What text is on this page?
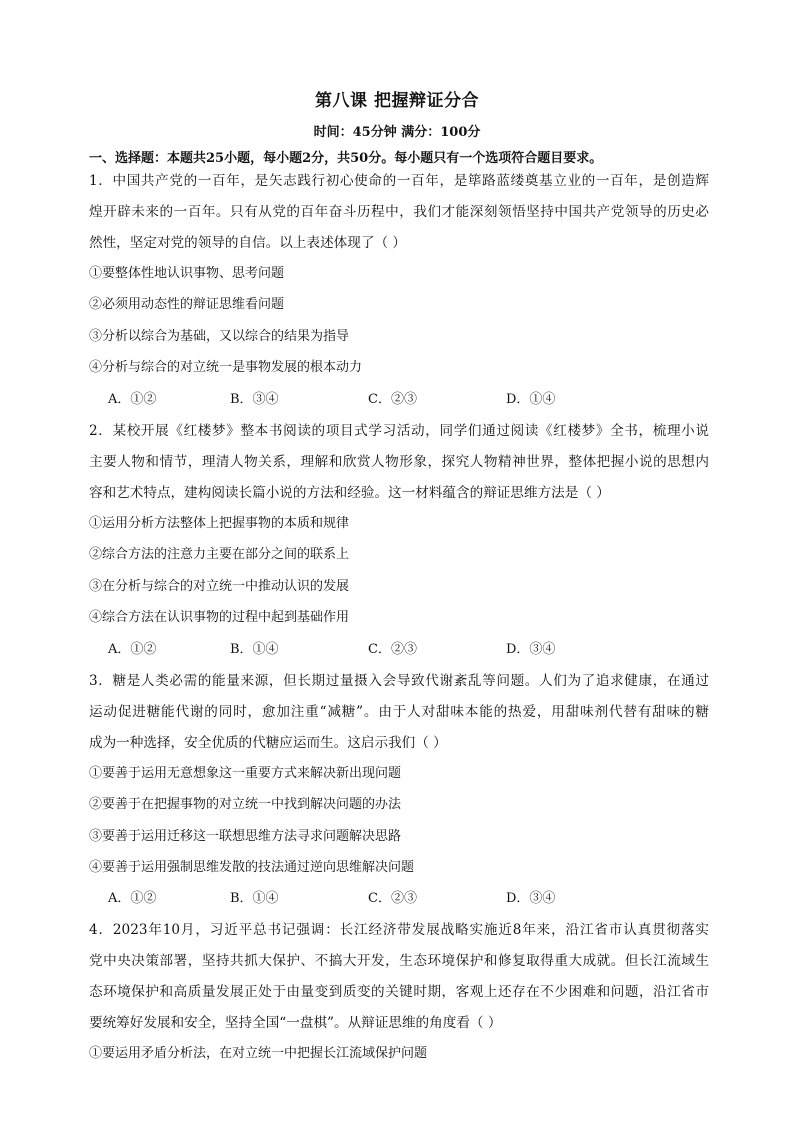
第八课 把握辩证分合
时间：45分钟 满分：100分
一、选择题：本题共25小题，每小题2分，共50分。每小题只有一个选项符合题目要求。
1．中国共产党的一百年，是矢志践行初心使命的一百年，是筚路蓝缕奠基立业的一百年，是创造辉
煌开辟未来的一百年。只有从党的百年奋斗历程中，我们才能深刻领悟坚持中国共产党领导的历史必
然性，坚定对党的领导的自信。以上表述体现了（ ）
①要整体性地认识事物、思考问题
②必须用动态性的辩证思维看问题
③分析以综合为基础，又以综合的结果为指导
④分析与综合的对立统一是事物发展的根本动力
A．①②	B．③④	C．②③	D．①④
2．某校开展《红楼梦》整本书阅读的项目式学习活动，同学们通过阅读《红楼梦》全书，梳理小说
主要人物和情节，理清人物关系，理解和欣赏人物形象，探究人物精神世界，整体把握小说的思想内
容和艺术特点，建构阅读长篇小说的方法和经验。这一材料蕴含的辩证思维方法是（ ）
①运用分析方法整体上把握事物的本质和规律
②综合方法的注意力主要在部分之间的联系上
③在分析与综合的对立统一中推动认识的发展
④综合方法在认识事物的过程中起到基础作用
A．①②	B．①④	C．②③	D．③④
3．糖是人类必需的能量来源，但长期过量摄入会导致代谢紊乱等问题。人们为了追求健康，在通过
运动促进糖能代谢的同时，愈加注重“减糖”。由于人对甜味本能的热爱，用甜味剂代替有甜味的糖
成为一种选择，安全优质的代糖应运而生。这启示我们（ ）
①要善于运用无意想象这一重要方式来解决新出现问题
②要善于在把握事物的对立统一中找到解决问题的办法
③要善于运用迁移这一联想思维方法寻求问题解决思路
④要善于运用强制思维发散的技法通过逆向思维解决问题
A．①②	B．①④	C．②③	D．③④
4．2023年10月，习近平总书记强调：长江经济带发展战略实施近8年来，沿江省市认真贯彻落实
党中央决策部署，坚持共抓大保护、不搞大开发，生态环境保护和修复取得重大成就。但长江流域生
态环境保护和高质量发展正处于由量变到质变的关键时期，客观上还存在不少困难和问题，沿江省市
要统筹好发展和安全，坚持全国“一盘棋”。从辩证思维的角度看（ ）
①要运用矛盾分析法，在对立统一中把握长江流域保护问题
